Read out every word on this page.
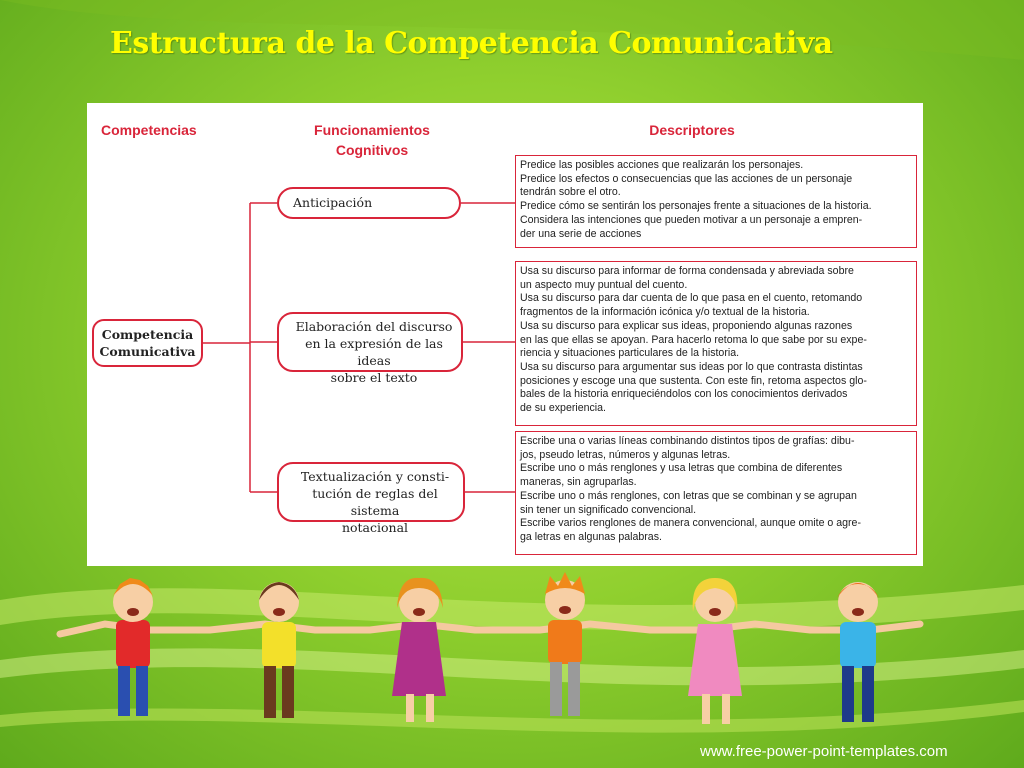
Estructura de la Competencia Comunicativa
Competencias	Funcionamientos
Cognitivos
Descriptores
Competencia
Comunicativa
Anticipación
Elaboración del discurso
en la expresión de las ideas
sobre el texto
Textualización y consti-
tución de reglas del sistema
notacional

Predice las posibles acciones que realizarán los personajes.

Predice los efectos o consecuencias que las acciones de un personaje

tendrán sobre el otro.

Predice cómo se sentirán los personajes frente a situaciones de la historia.

Considera las intenciones que pueden motivar a un personaje a empren-

der una serie de acciones

Usa su discurso para informar de forma condensada y abreviada sobre

un aspecto muy puntual del cuento.

Usa su discurso para dar cuenta de lo que pasa en el cuento, retomando

fragmentos de la información icónica y/o textual de la historia.

Usa su discurso para explicar sus ideas, proponiendo algunas razones

en las que ellas se apoyan. Para hacerlo retoma lo que sabe por su expe-

riencia y situaciones particulares de la historia.

Usa su discurso para argumentar sus ideas por lo que contrasta distintas

posiciones y escoge una que sustenta. Con este fin, retoma aspectos glo-

bales de la historia enriqueciéndolos con los conocimientos derivados

de su experiencia.

Escribe una o varias líneas combinando distintos tipos de grafías: dibu-

jos, pseudo letras, números y algunas letras.

Escribe uno o más renglones y usa letras que combina de diferentes

maneras, sin agruparlas.

Escribe uno o más renglones, con letras que se combinan y se agrupan

sin tener un significado convencional.

Escribe varios renglones de manera convencional, aunque omite o agre-

ga letras en algunas palabras.

www.free-power-point-templates.com
